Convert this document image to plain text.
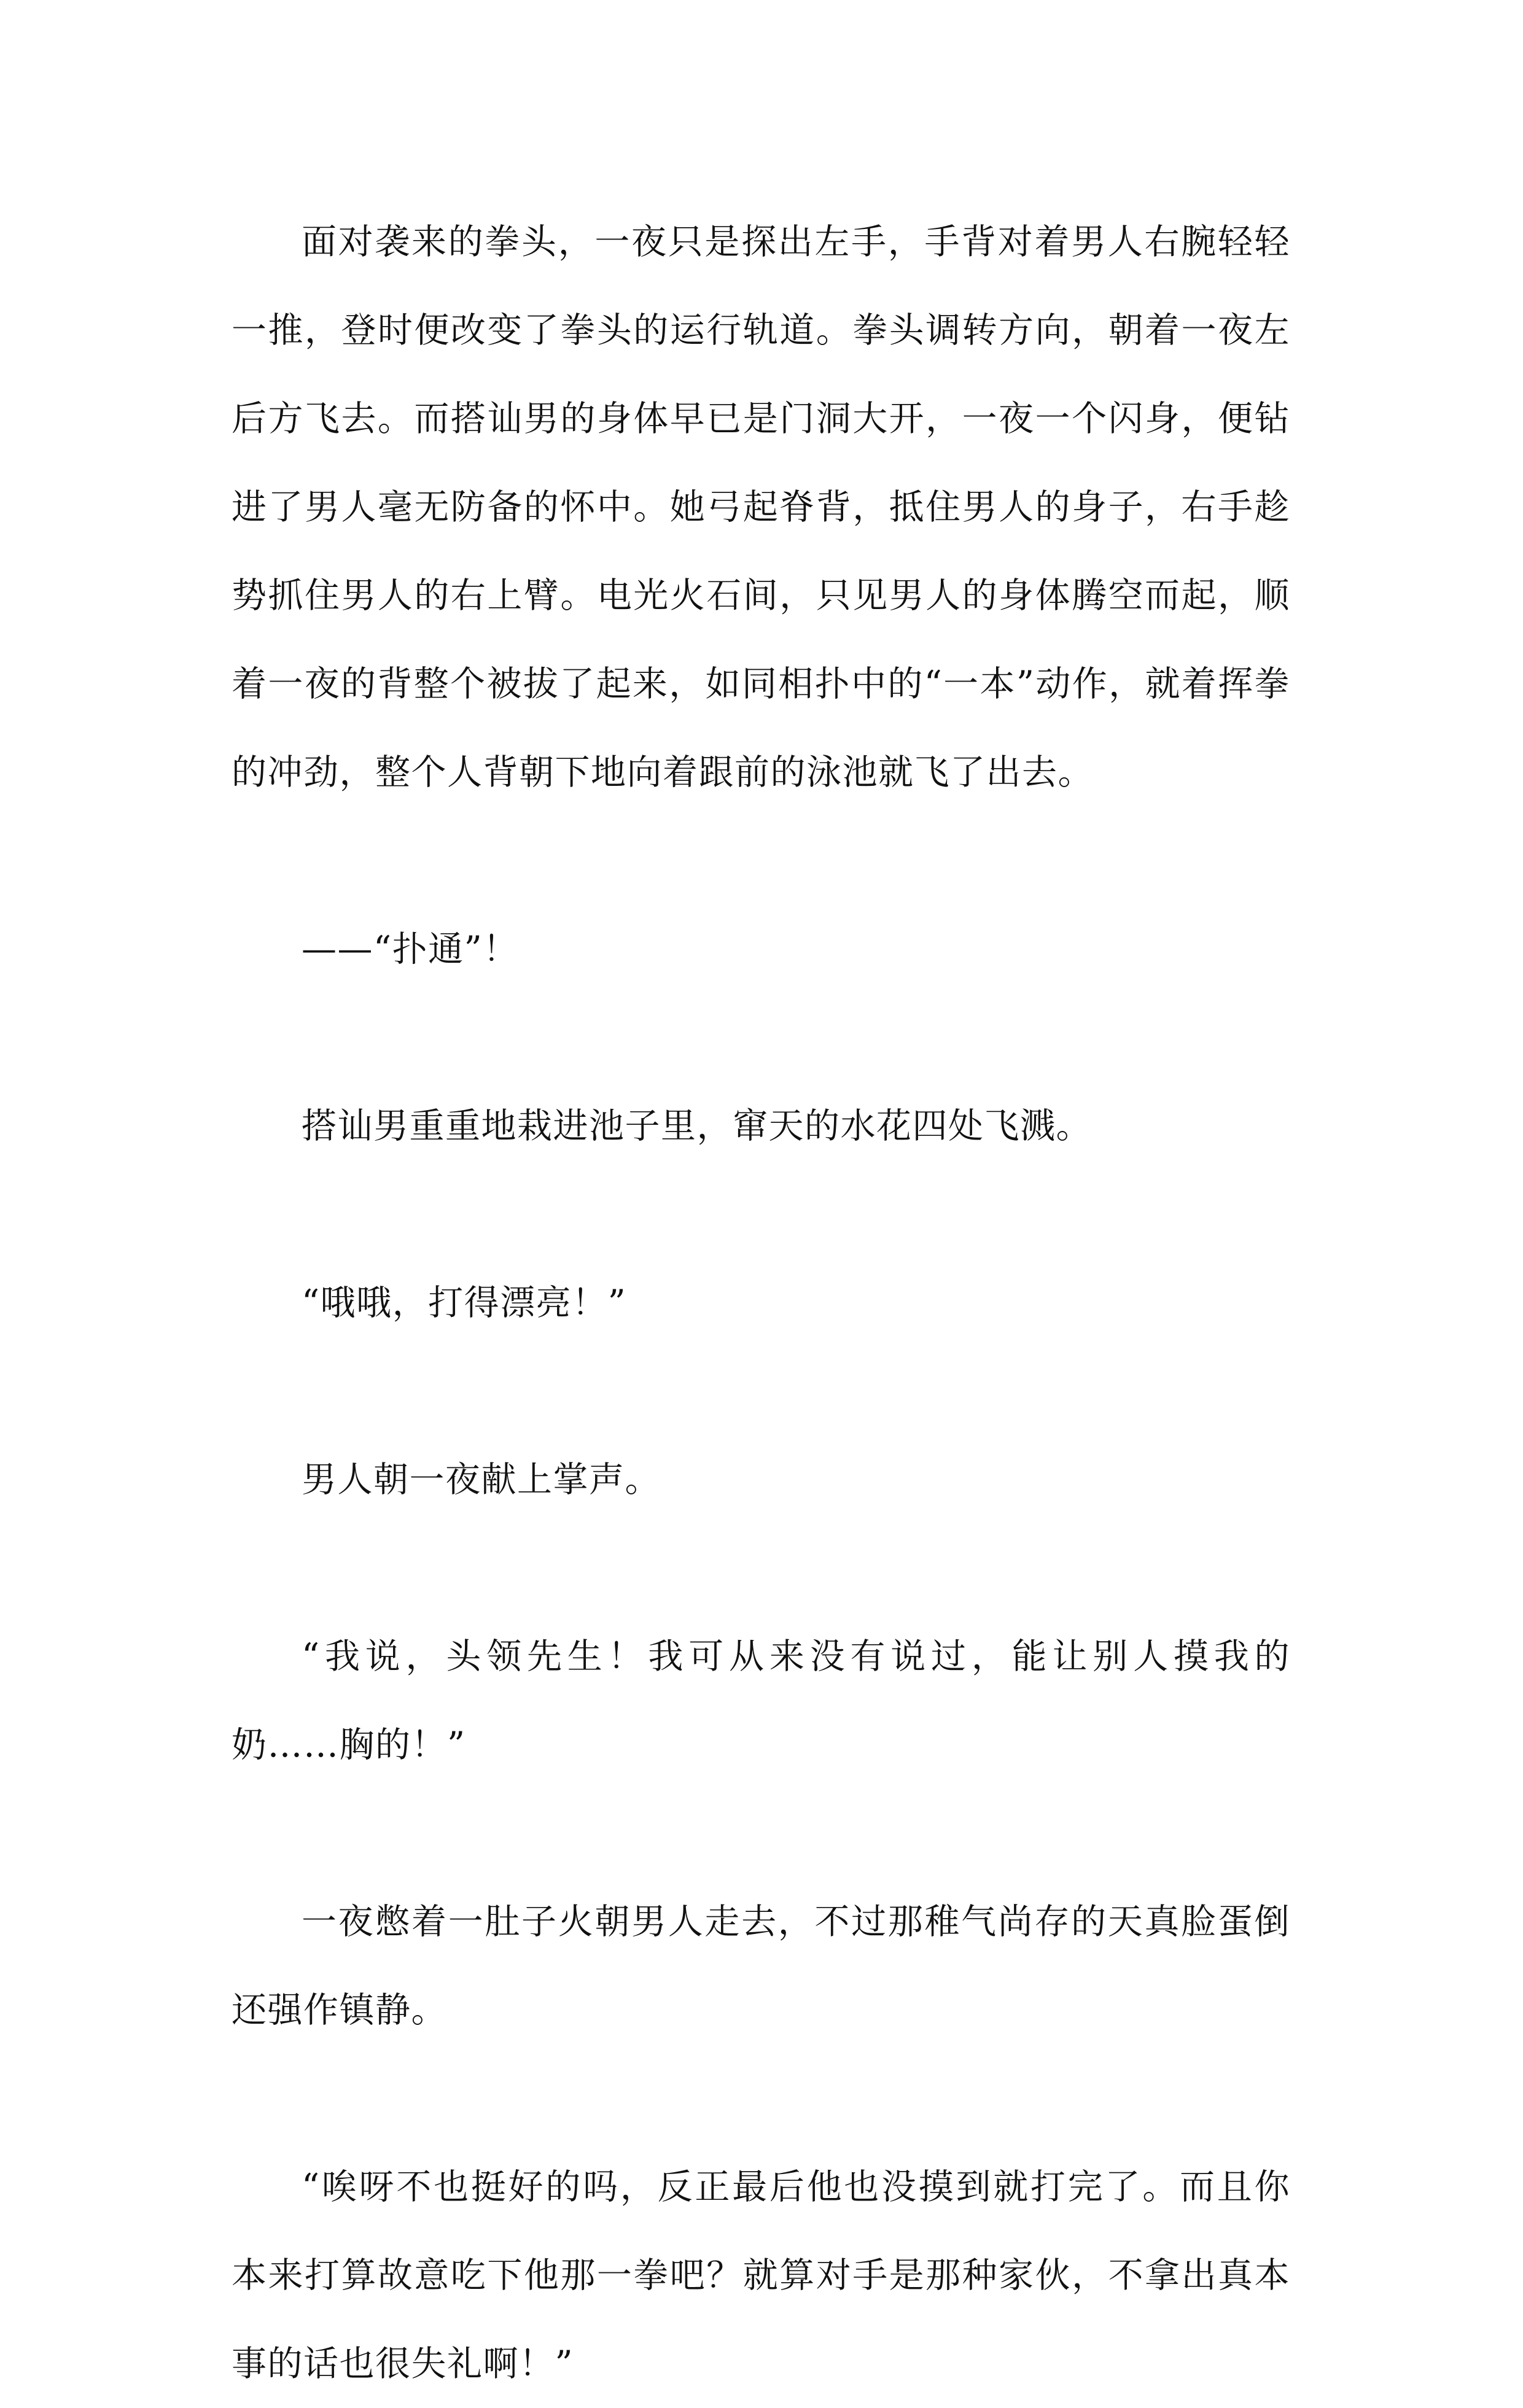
面对袭来的拳头，一夜只是探出左手，手背对着男人右腕轻轻一推，登时便改变了拳头的运行轨道。拳头调转方向，朝着一夜左后方飞去。而搭讪男的身体早已是门洞大开，一夜一个闪身，便钻进了男人毫无防备的怀中。她弓起脊背，抵住男人的身子，右手趁势抓住男人的右上臂。电光火石间，只见男人的身体腾空而起，顺着一夜的背整个被拔了起来，如同相扑中的“一本”动作，就着挥拳的冲劲，整个人背朝下地向着跟前的泳池就飞了出去。

——“扑通”！

搭讪男重重地栽进池子里，窜天的水花四处飞溅。

“哦哦，打得漂亮！”

男人朝一夜献上掌声。

“我说，头领先生！我可从来没有说过，能让别人摸我的奶……胸的！”

一夜憋着一肚子火朝男人走去，不过那稚气尚存的天真脸蛋倒还强作镇静。

“唉呀不也挺好的吗，反正最后他也没摸到就打完了。而且你本来打算故意吃下他那一拳吧？就算对手是那种家伙，不拿出真本事的话也很失礼啊！”
